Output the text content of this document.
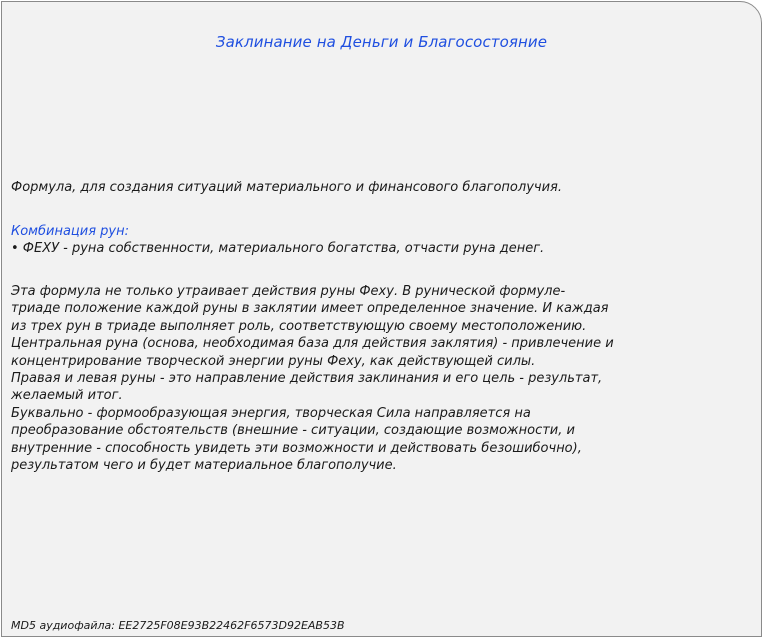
Заклинание на Деньги и Благосостояние
Формула, для создания ситуаций материального и финансового благополучия.
Комбинация рун:
• ФЕХУ - руна собственности, материального богатства, отчасти руна денег.
Эта формула не только утраивает действия руны Феху. В рунической формуле-
триаде положение каждой руны в заклятии имеет определенное значение. И каждая
из трех рун в триаде выполняет роль, соответствующую своему местоположению.
Центральная руна (основа, необходимая база для действия заклятия) - привлечение и
концентрирование творческой энергии руны Феху, как действующей силы.
Правая и левая руны - это направление действия заклинания и его цель - результат,
желаемый итог.
Буквально - формообразующая энергия, творческая Сила направляется на
преобразование обстоятельств (внешние - ситуации, создающие возможности, и
внутренние - способность увидеть эти возможности и действовать безошибочно),
результатом чего и будет материальное благополучие.
MD5 аудиофайла: EE2725F08E93B22462F6573D92EAB53B
